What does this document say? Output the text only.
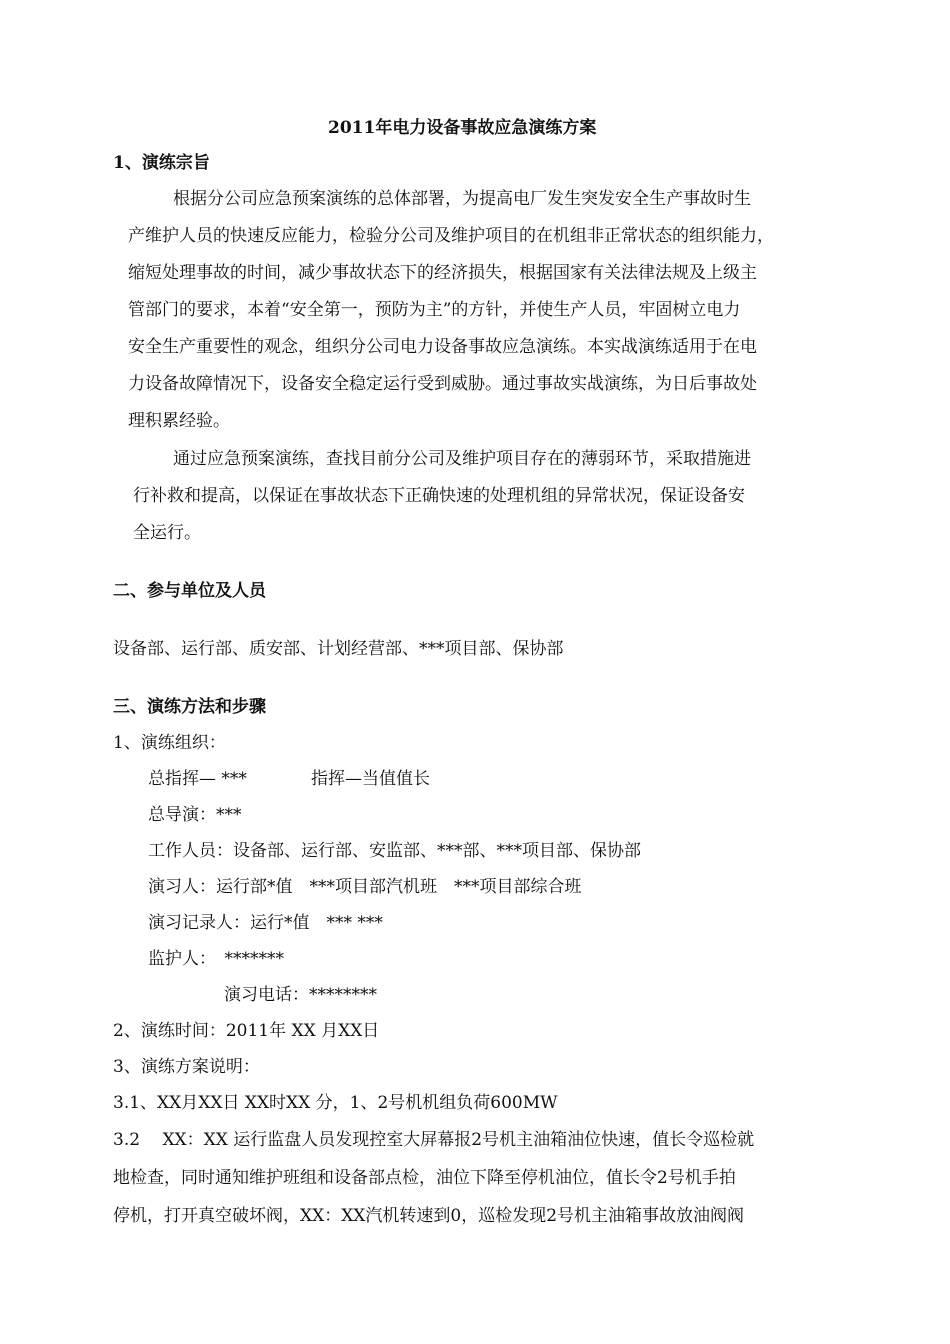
2011年电力设备事故应急演练方案
1、演练宗旨
根据分公司应急预案演练的总体部署，为提高电厂发生突发安全生产事故时生
产维护人员的快速反应能力，检验分公司及维护项目的在机组非正常状态的组织能力，
缩短处理事故的时间，减少事故状态下的经济损失，根据国家有关法律法规及上级主
管部门的要求，本着“安全第一，预防为主”的方针，并使生产人员，牢固树立电力
安全生产重要性的观念，组织分公司电力设备事故应急演练。本实战演练适用于在电
力设备故障情况下，设备安全稳定运行受到威胁。通过事故实战演练，为日后事故处
理积累经验。
通过应急预案演练，查找目前分公司及维护项目存在的薄弱环节，采取措施进
行补救和提高，以保证在事故状态下正确快速的处理机组的异常状况，保证设备安
全运行。
二、参与单位及人员
设备部、运行部、质安部、计划经营部、***项目部、保协部
三、演练方法和步骤
1、演练组织：
总指挥— ***	指挥—当值值长
总导演：***
工作人员：设备部、运行部、安监部、***部、***项目部、保协部
演习人：运行部*值　***项目部汽机班　***项目部综合班
演习记录人：运行*值　*** ***
监护人：　*******
演习电话：********
2、演练时间：2011年 XX 月XX日
3、演练方案说明：
3.1、XX月XX日 XX时XX 分，1、2号机机组负荷600MW
3.2　 XX：XX 运行监盘人员发现控室大屏幕报2号机主油箱油位快速，值长令巡检就
地检查，同时通知维护班组和设备部点检，油位下降至停机油位，值长令2号机手拍
停机，打开真空破坏阀，XX：XX汽机转速到0，巡检发现2号机主油箱事故放油阀阀
